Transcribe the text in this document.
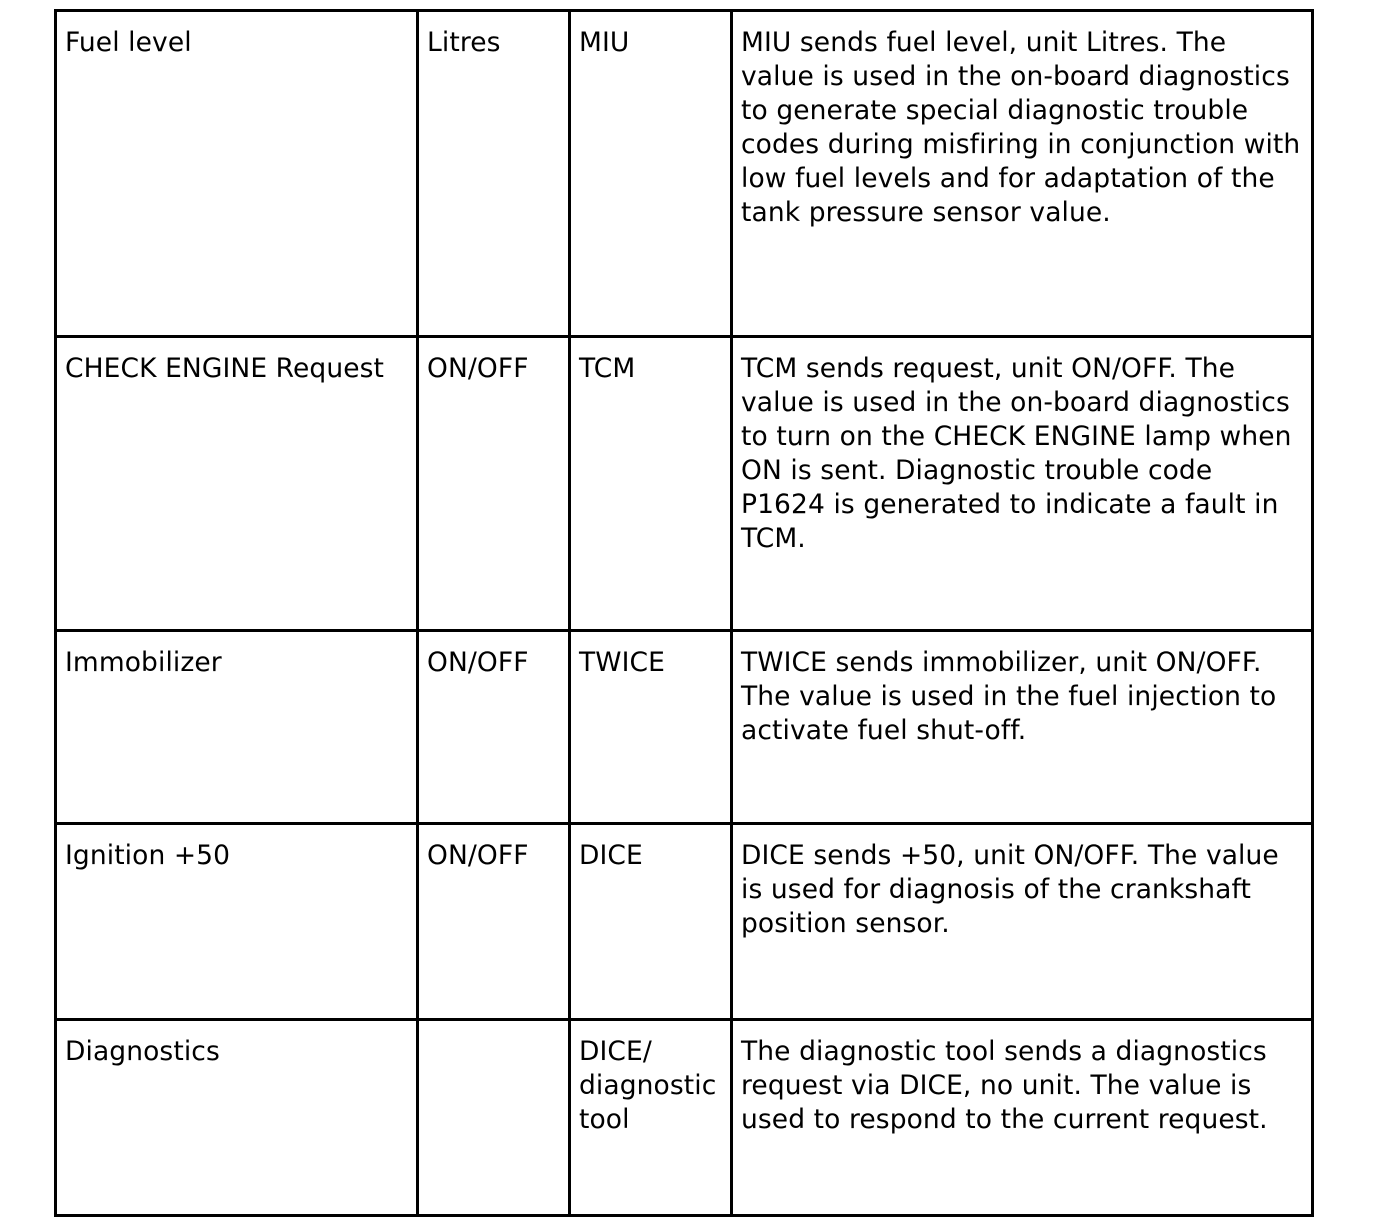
Fuel level	Litres	MIU	MIU sends fuel level, unit Litres. The value is used in the on-board diagnostics to generate special diagnostic trouble codes during misfiring in conjunction with low fuel levels and for adaptation of the tank pressure sensor value.
CHECK ENGINE Request	ON/OFF	TCM	TCM sends request, unit ON/OFF. The value is used in the on-board diagnostics to turn on the CHECK ENGINE lamp when ON is sent. Diagnostic trouble code P1624 is generated to indicate a fault in TCM.
Immobilizer	ON/OFF	TWICE	TWICE sends immobilizer, unit ON/OFF. The value is used in the fuel injection to activate fuel shut-off.
Ignition +50	ON/OFF	DICE	DICE sends +50, unit ON/OFF. The value is used for diagnosis of the crankshaft position sensor.
Diagnostics		DICE/ diagnostic tool	The diagnostic tool sends a diagnostics request via DICE, no unit. The value is used to respond to the current request.
